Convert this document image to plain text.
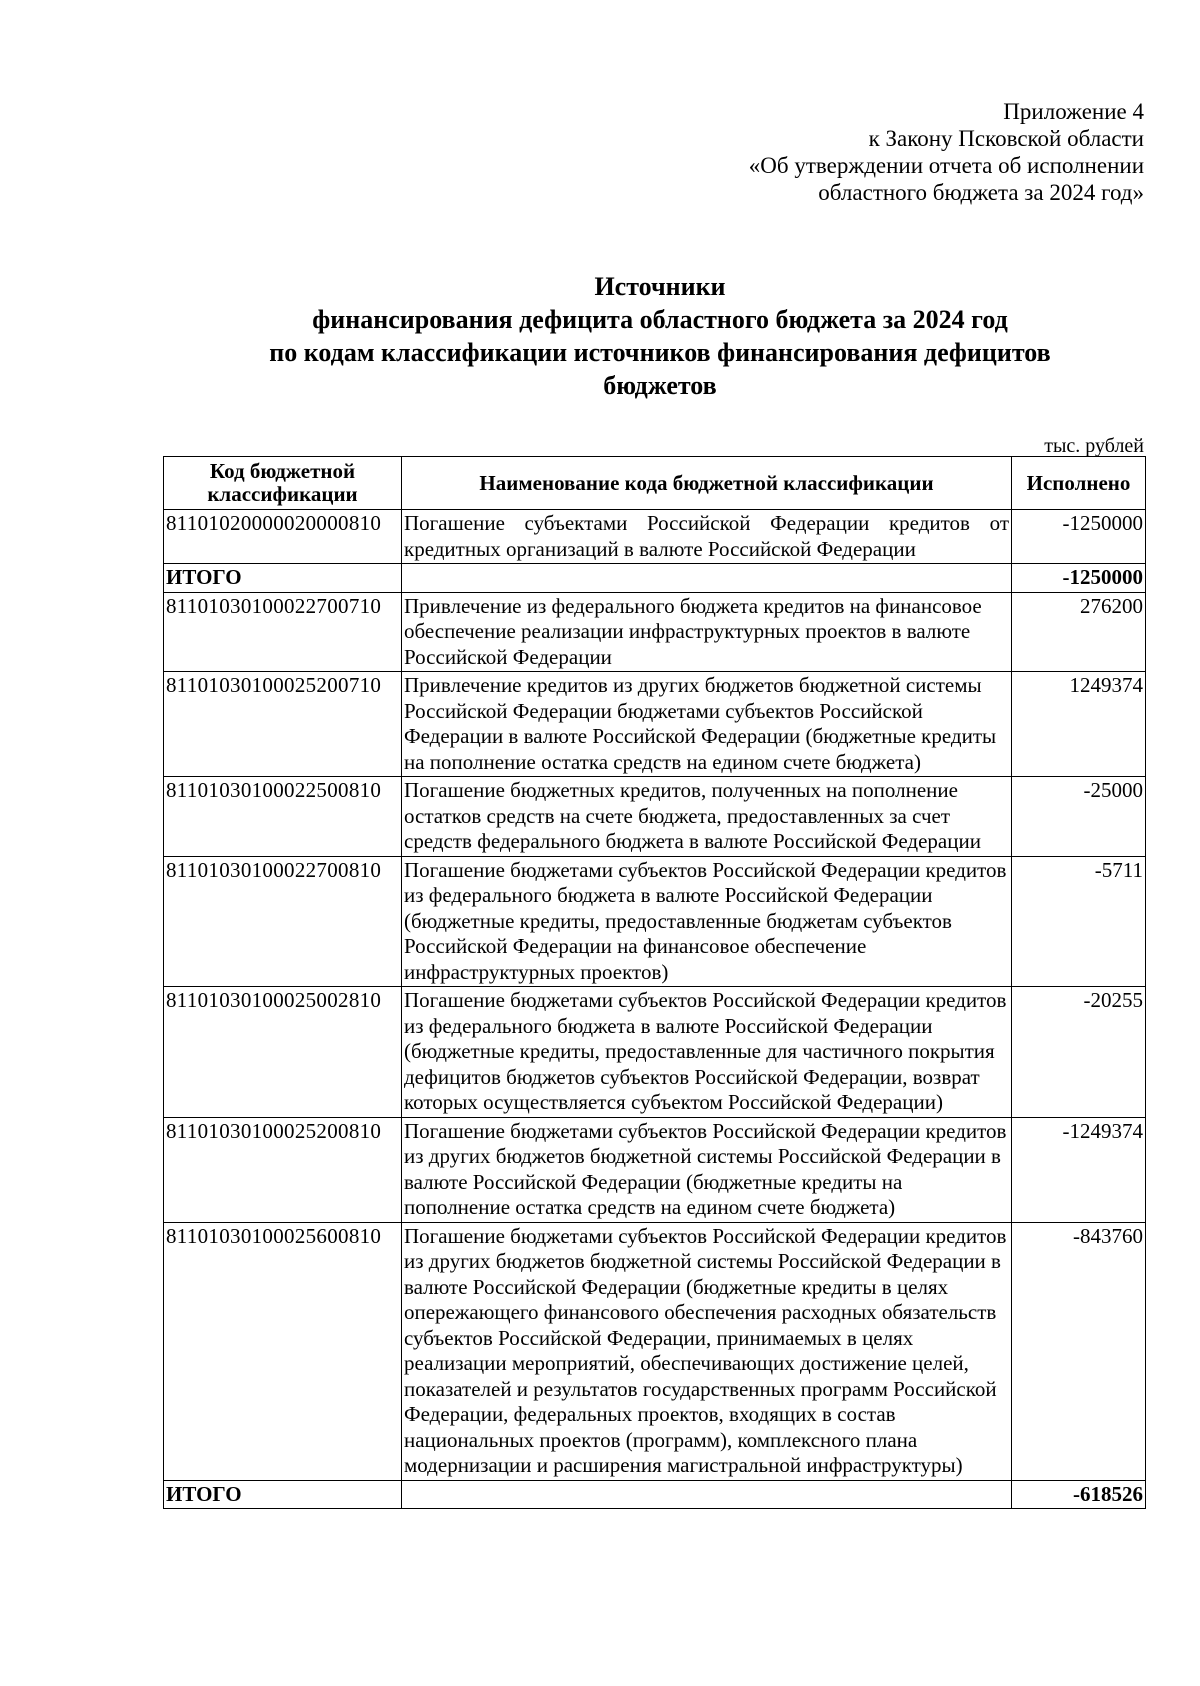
Приложение 4
к Закону Псковской области
«Об утверждении отчета об исполнении
областного бюджета за 2024 год»
Источники
финансирования дефицита областного бюджета за 2024 год
по кодам классификации источников финансирования дефицитов
бюджетов
тыс. рублей
Код бюджетной классификации	Наименование кода бюджетной классификации	Исполнено
81101020000020000810	Погашение субъектами Российской Федерации кредитов от кредитных организаций в валюте Российской Федерации	-1250000
ИТОГО		-1250000
81101030100022700710	Привлечение из федерального бюджета кредитов на финансовое обеспечение реализации инфраструктурных проектов в валюте Российской Федерации	276200
81101030100025200710	Привлечение кредитов из других бюджетов бюджетной системы Российской Федерации бюджетами субъектов Российской Федерации в валюте Российской Федерации (бюджетные кредиты на пополнение остатка средств на едином счете бюджета)	1249374
81101030100022500810	Погашение бюджетных кредитов, полученных на пополнение остатков средств на счете бюджета, предоставленных за счет средств федерального бюджета в валюте Российской Федерации	-25000
81101030100022700810	Погашение бюджетами субъектов Российской Федерации кредитов из федерального бюджета в валюте Российской Федерации (бюджетные кредиты, предоставленные бюджетам субъектов Российской Федерации на финансовое обеспечение инфраструктурных проектов)	-5711
81101030100025002810	Погашение бюджетами субъектов Российской Федерации кредитов из федерального бюджета в валюте Российской Федерации (бюджетные кредиты, предоставленные для частичного покрытия дефицитов бюджетов субъектов Российской Федерации, возврат которых осуществляется субъектом Российской Федерации)	-20255
81101030100025200810	Погашение бюджетами субъектов Российской Федерации кредитов из других бюджетов бюджетной системы Российской Федерации в валюте Российской Федерации (бюджетные кредиты на пополнение остатка средств на едином счете бюджета)	-1249374
81101030100025600810	Погашение бюджетами субъектов Российской Федерации кредитов из других бюджетов бюджетной системы Российской Федерации в валюте Российской Федерации (бюджетные кредиты в целях опережающего финансового обеспечения расходных обязательств субъектов Российской Федерации, принимаемых в целях реализации мероприятий, обеспечивающих достижение целей, показателей и результатов государственных программ Российской Федерации, федеральных проектов, входящих в состав национальных проектов (программ), комплексного плана модернизации и расширения магистральной инфраструктуры)	-843760
ИТОГО		-618526
